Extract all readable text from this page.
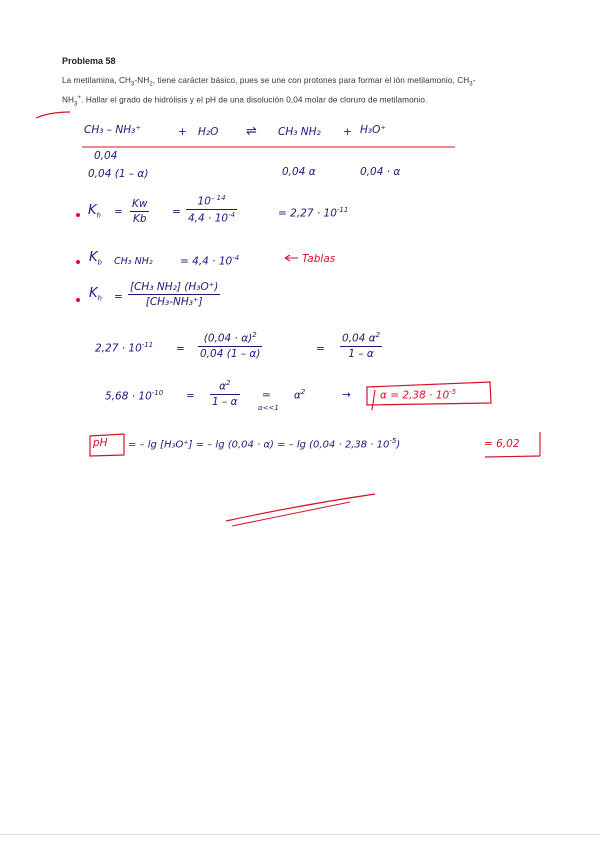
Problema 58
La metilamina, $CH_3-NH_2$, tiene carácter básico, pues se une con protones para formar el ión metilamonio, $CH_3-$
$NH_3^+$. Hallar el grado de hidrólisis y el pH de una disolución 0,04 molar de cloruro de metilamonio.
CH₃ – NH₃⁺	+ H₂O ⇌ CH₃ NH₂ + H₃O⁺
0,04
0,04 (1 – α)	0,04 α	0,04 · α
$K_h = \frac{Kw}{Kb} = \frac{10^{- 14}}{4,4 \cdot 10^{-4}}$	= $2,27 \cdot 10^{-11}$
$K_b$ CH₃ NH₂	= $4,4 \cdot 10^{-4}$	Tablas
$K_h = \frac{\text{[CH₃ NH₂] (H₃O⁺)}}{\text{[CH₃-NH₃⁺]}}$
$2,27 \cdot 10^{-11} = \frac{(0,04 \cdot \alpha)^2}{0,04 (1 - \alpha)}$	= $\frac{0,04 \alpha^2}{1 - \alpha}$
$5,68 \cdot 10^{-10} = \frac{\alpha^2}{1 - \alpha}$ ≃
α<<1
$\alpha^2$	→	$\alpha = 2,38 \cdot 10^{-5}$
pH = – lg [H₃O⁺] = – lg (0,04 · α) = – $\lg (0,04 \cdot 2,38 \cdot 10^{-5})$	= 6,02
